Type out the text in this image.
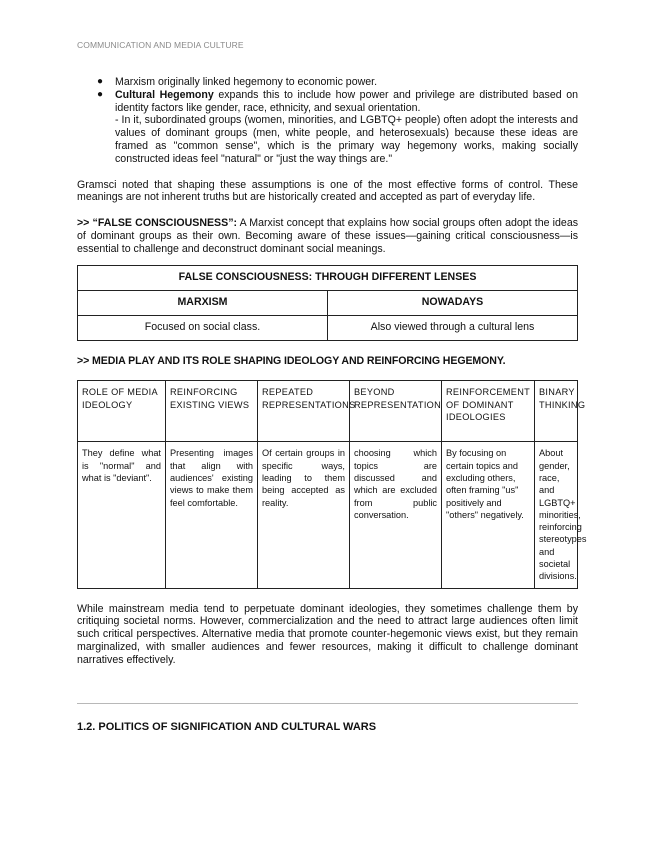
COMMUNICATION AND MEDIA CULTURE
● Marxism originally linked hegemony to economic power.
● Cultural Hegemony expands this to include how power and privilege are distributed based on identity factors like gender, race, ethnicity, and sexual orientation.
- In it, subordinated groups (women, minorities, and LGBTQ+ people) often adopt the interests and values of dominant groups (men, white people, and heterosexuals) because these ideas are framed as "common sense", which is the primary way hegemony works, making socially constructed ideas feel "natural" or "just the way things are."

Gramsci noted that shaping these assumptions is one of the most effective forms of control. These meanings are not inherent truths but are historically created and accepted as part of everyday life.

>> “FALSE CONSCIOUSNESS”: A Marxist concept that explains how social groups often adopt the ideas of dominant groups as their own. Becoming aware of these issues—gaining critical consciousness—is essential to challenge and deconstruct dominant social meanings.

FALSE CONSCIOUSNESS: THROUGH DIFFERENT LENSES	
MARXISM	NOWADAYS
Focused on social class.	Also viewed through a cultural lens

>> MEDIA PLAY AND ITS ROLE SHAPING IDEOLOGY AND REINFORCING HEGEMONY.

ROLE OF MEDIA IDEOLOGY	REINFORCING EXISTING VIEWS	REPEATED REPRESENTATIONS	BEYOND REPRESENTATION	REINFORCEMENT OF DOMINANT IDEOLOGIES	BINARY THINKING
They define what is "normal" and what is "deviant".	Presenting images that align with audiences' existing views to make them feel comfortable.	Of certain groups in specific ways, leading to them being accepted as reality.	choosing which topics are discussed and which are excluded from public conversation.	By focusing on certain topics and excluding others, often framing "us" positively and "others" negatively.	About gender, race, and LGBTQ+ minorities, reinforcing stereotypes and societal divisions.

While mainstream media tend to perpetuate dominant ideologies, they sometimes challenge them by critiquing societal norms. However, commercialization and the need to attract large audiences often limit such critical perspectives. Alternative media that promote counter-hegemonic views exist, but they remain marginalized, with smaller audiences and fewer resources, making it difficult to challenge dominant narratives effectively.

1.2. POLITICS OF SIGNIFICATION AND CULTURAL WARS
